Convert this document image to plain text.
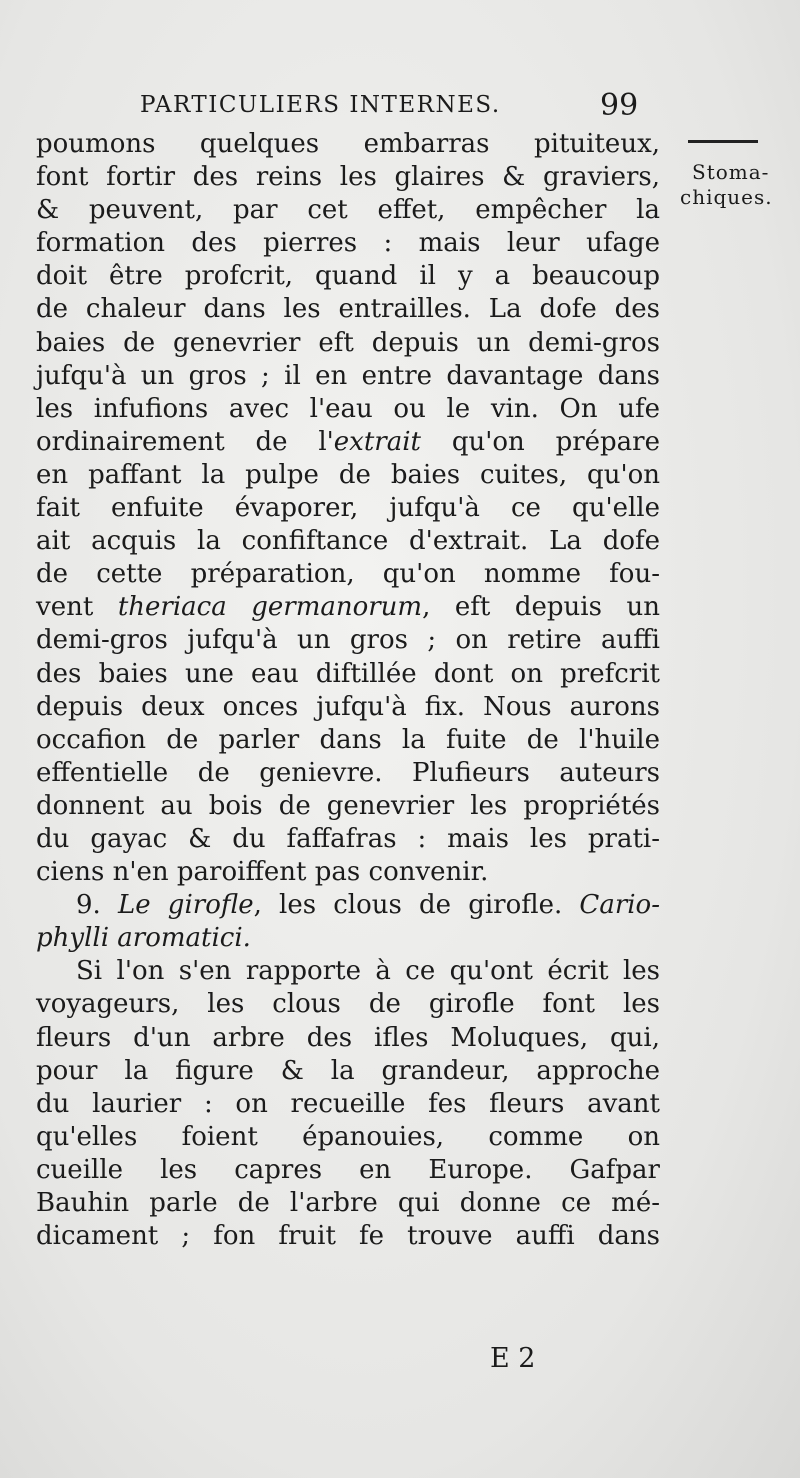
PARTICULIERS INTERNES.	99
Stoma-
chiques.
poumons quelques embarras pituiteux,
font fortir des reins les glaires & graviers,
& peuvent, par cet effet, empêcher la
formation des pierres : mais leur ufage
doit être profcrit, quand il y a beaucoup
de chaleur dans les entrailles. La dofe des
baies de genevrier eft depuis un demi-gros
jufqu'à un gros ; il en entre davantage dans
les infufions avec l'eau ou le vin. On ufe
ordinairement de l'extrait qu'on prépare
en paffant la pulpe de baies cuites, qu'on
fait enfuite évaporer, jufqu'à ce qu'elle
ait acquis la confiftance d'extrait. La dofe
de cette préparation, qu'on nomme fou-
vent theriaca germanorum, eft depuis un
demi-gros jufqu'à un gros ; on retire auffi
des baies une eau diftillée dont on prefcrit
depuis deux onces jufqu'à fix. Nous aurons
occafion de parler dans la fuite de l'huile
effentielle de genievre. Plufieurs auteurs
donnent au bois de genevrier les propriétés
du gayac & du faffafras : mais les prati-
ciens n'en paroiffent pas convenir.
9. Le girofle, les clous de girofle. Cario-
phylli aromatici.
Si l'on s'en rapporte à ce qu'ont écrit les
voyageurs, les clous de girofle font les
fleurs d'un arbre des ifles Moluques, qui,
pour la figure & la grandeur, approche
du laurier : on recueille fes fleurs avant
qu'elles foient épanouies, comme on
cueille les capres en Europe. Gafpar
Bauhin parle de l'arbre qui donne ce mé-
dicament ; fon fruit fe trouve auffi dans
E 2
